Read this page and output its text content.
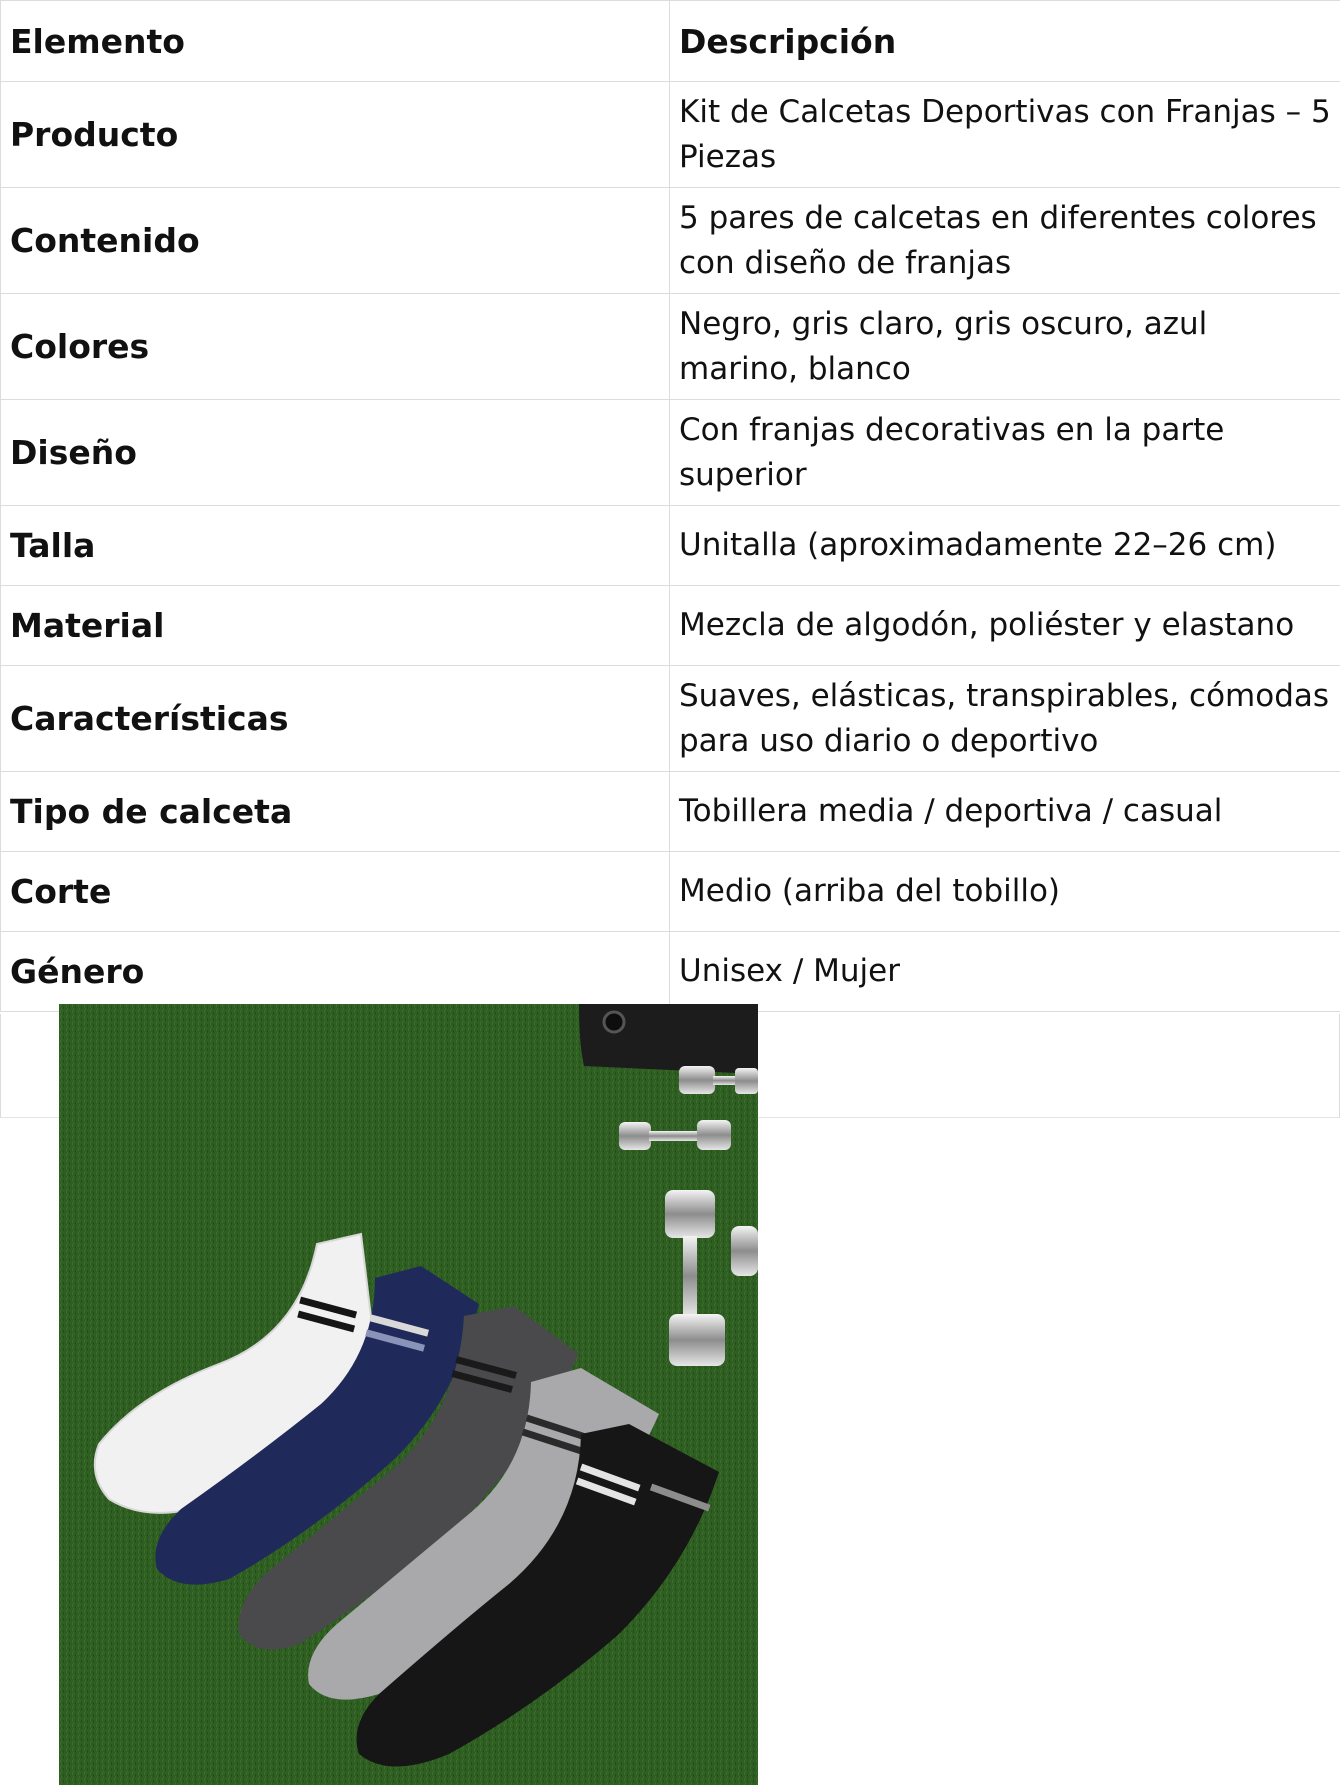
Elemento	Descripción
Producto	Kit de Calcetas Deportivas con Franjas – 5 Piezas
Contenido	5 pares de calcetas en diferentes colores con diseño de franjas
Colores	Negro, gris claro, gris oscuro, azul marino, blanco
Diseño	Con franjas decorativas en la parte superior
Talla	Unitalla (aproximadamente 22–26 cm)
Material	Mezcla de algodón, poliéster y elastano
Características	Suaves, elásticas, transpirables, cómodas para uso diario o deportivo
Tipo de calceta	Tobillera media / deportiva / casual
Corte	Medio (arriba del tobillo)
Género	Unisex / Mujer
